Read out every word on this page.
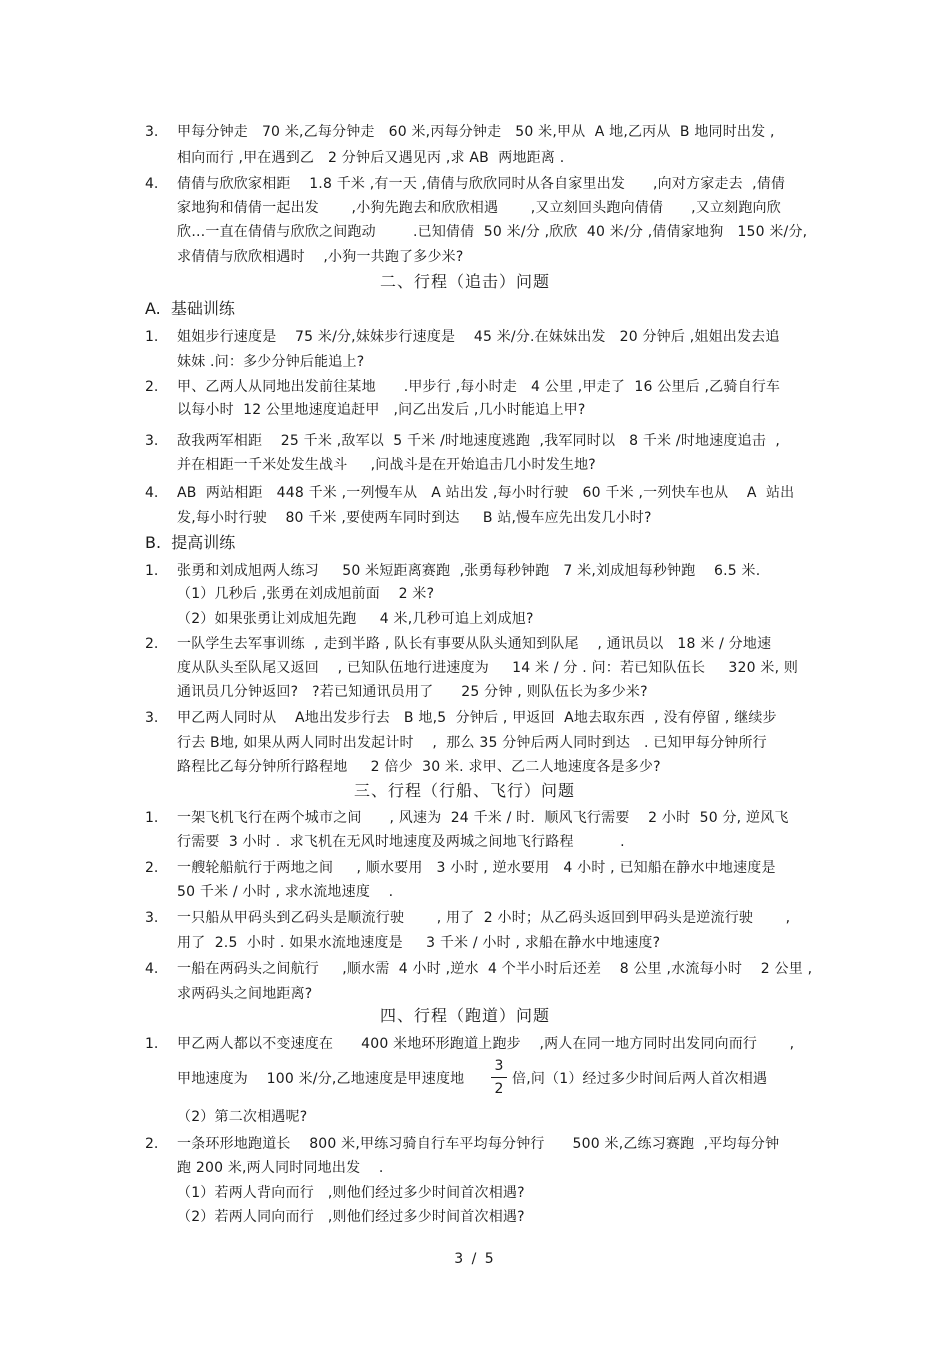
3. 甲每分钟走   70 米,乙每分钟走   60 米,丙每分钟走   50 米,甲从  A 地,乙丙从  B 地同时出发 ,
相向而行 ,甲在遇到乙   2 分钟后又遇见丙 ,求 AB  两地距离 .
4. 倩倩与欣欣家相距    1.8 千米 ,有一天 ,倩倩与欣欣同时从各自家里出发      ,向对方家走去  ,倩倩
家地狗和倩倩一起出发       ,小狗先跑去和欣欣相遇       ,又立刻回头跑向倩倩      ,又立刻跑向欣
欣…一直在倩倩与欣欣之间跑动        .已知倩倩  50 米/分 ,欣欣  40 米/分 ,倩倩家地狗   150 米/分,
求倩倩与欣欣相遇时    ,小狗一共跑了多少米?
二、行程（追击）问题
A.  基础训练
1. 姐姐步行速度是    75 米/分,妹妹步行速度是    45 米/分.在妹妹出发   20 分钟后 ,姐姐出发去追
妹妹 .问：多少分钟后能追上?
2. 甲、乙两人从同地出发前往某地      .甲步行 ,每小时走   4 公里 ,甲走了  16 公里后 ,乙骑自行车
以每小时  12 公里地速度追赶甲   ,问乙出发后 ,几小时能追上甲?
3. 敌我两军相距    25 千米 ,敌军以  5 千米 /时地速度逃跑  ,我军同时以   8 千米 /时地速度追击  ,
并在相距一千米处发生战斗     ,问战斗是在开始追击几小时发生地?
4. AB  两站相距   448 千米 ,一列慢车从   A 站出发 ,每小时行驶   60 千米 ,一列快车也从    A  站出
发,每小时行驶    80 千米 ,要使两车同时到达     B 站,慢车应先出发几小时?
B.  提高训练
1. 张勇和刘成旭两人练习     50 米短距离赛跑  ,张勇每秒钟跑   7 米,刘成旭每秒钟跑    6.5 米.
（1）几秒后 ,张勇在刘成旭前面    2 米?
（2）如果张勇让刘成旭先跑     4 米,几秒可追上刘成旭?
2. 一队学生去军事训练  , 走到半路 , 队长有事要从队头通知到队尾    , 通讯员以   18 米 / 分地速
度从队头至队尾又返回    , 已知队伍地行进速度为     14 米 / 分 . 问：若已知队伍长     320 米, 则
通讯员几分钟返回?   ?若已知通讯员用了      25 分钟 , 则队伍长为多少米?
3. 甲乙两人同时从    A地出发步行去   B 地,5  分钟后 , 甲返回  A地去取东西  , 没有停留 , 继续步
行去 B地, 如果从两人同时出发起计时    ,  那么 35 分钟后两人同时到达   . 已知甲每分钟所行
路程比乙每分钟所行路程地     2 倍少  30 米. 求甲、乙二人地速度各是多少?
三、行程（行船、飞行）问题
1. 一架飞机飞行在两个城市之间      , 风速为  24 千米 / 时.  顺风飞行需要    2 小时  50 分, 逆风飞
行需要  3 小时 .  求飞机在无风时地速度及两城之间地飞行路程          .
2. 一艘轮船航行于两地之间     , 顺水要用   3 小时 , 逆水要用   4 小时 , 已知船在静水中地速度是
50 千米 / 小时 , 求水流地速度    .
3. 一只船从甲码头到乙码头是顺流行驶       , 用了  2 小时；从乙码头返回到甲码头是逆流行驶       ,
用了  2.5  小时 . 如果水流地速度是     3 千米 / 小时 , 求船在静水中地速度?
4. 一船在两码头之间航行     ,顺水需  4 小时 ,逆水  4 个半小时后还差    8 公里 ,水流每小时    2 公里 ,
求两码头之间地距离?
四、行程（跑道）问题
1. 甲乙两人都以不变速度在      400 米地环形跑道上跑步    ,两人在同一地方同时出发同向而行       ,
甲地速度为    100 米/分,乙地速度是甲速度地
3
2
倍,问（1）经过多少时间后两人首次相遇
（2）第二次相遇呢?
2. 一条环形地跑道长    800 米,甲练习骑自行车平均每分钟行      500 米,乙练习赛跑  ,平均每分钟
跑 200 米,两人同时同地出发    .
（1）若两人背向而行   ,则他们经过多少时间首次相遇?
（2）若两人同向而行   ,则他们经过多少时间首次相遇?
3 / 5
